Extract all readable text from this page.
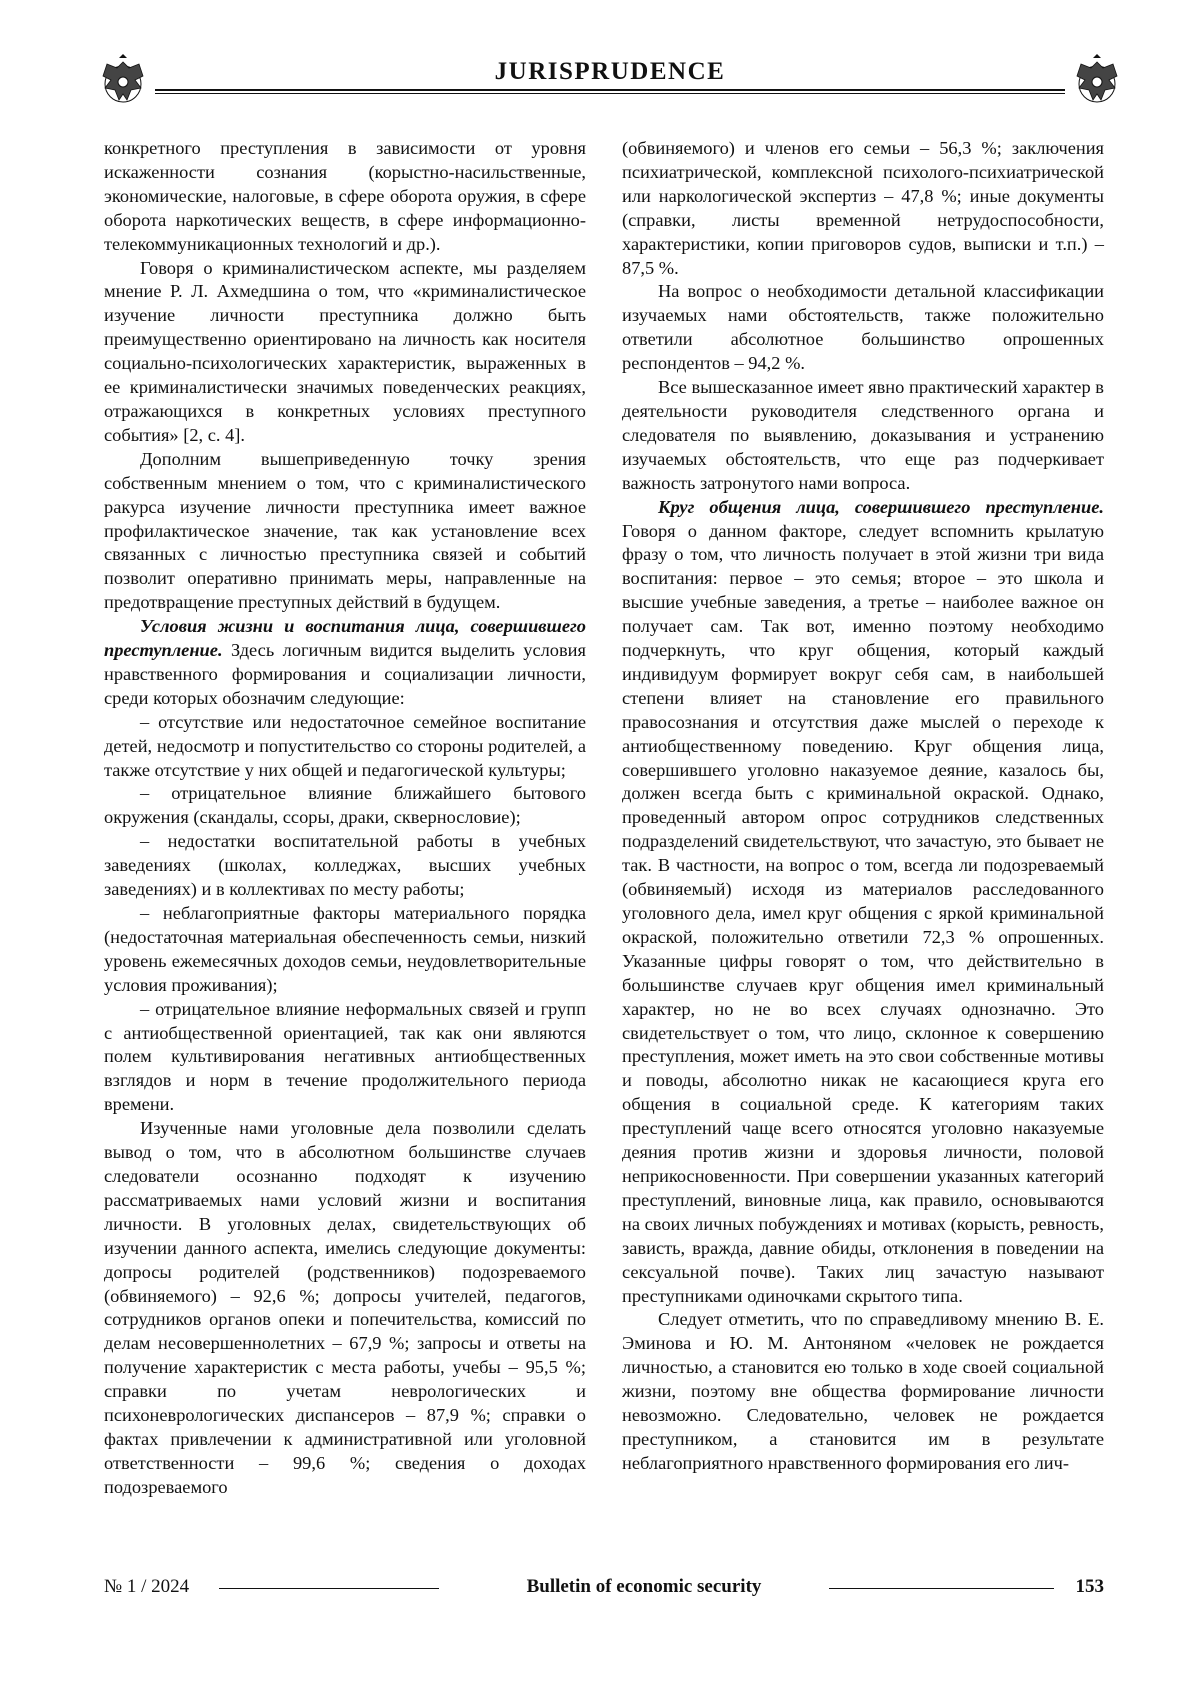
JURISPRUDENCE

конкретного преступления в зависимости от уровня искаженности сознания (корыстно-насильственные, экономические, налоговые, в сфере оборота оружия, в сфере оборота наркотических веществ, в сфере информационно-телекоммуникационных технологий и др.).

Говоря о криминалистическом аспекте, мы разделяем мнение Р. Л. Ахмедшина о том, что «криминалистическое изучение личности преступника должно быть преимущественно ориентировано на личность как носителя социально-психологических характеристик, выраженных в ее криминалистически значимых поведенческих реакциях, отражающихся в конкретных условиях преступного события» [2, с. 4].

Дополним вышеприведенную точку зрения собственным мнением о том, что с криминалистического ракурса изучение личности преступника имеет важное профилактическое значение, так как установление всех связанных с личностью преступника связей и событий позволит оперативно принимать меры, направленные на предотвращение преступных действий в будущем.

Условия жизни и воспитания лица, совершившего преступление. Здесь логичным видится выделить условия нравственного формирования и социализации личности, среди которых обозначим следующие:

– отсутствие или недостаточное семейное воспитание детей, недосмотр и попустительство со стороны родителей, а также отсутствие у них общей и педагогической культуры;

– отрицательное влияние ближайшего бытового окружения (скандалы, ссоры, драки, сквернословие);

– недостатки воспитательной работы в учебных заведениях (школах, колледжах, высших учебных заведениях) и в коллективах по месту работы;

– неблагоприятные факторы материального порядка (недостаточная материальная обеспеченность семьи, низкий уровень ежемесячных доходов семьи, неудовлетворительные условия проживания);

– отрицательное влияние неформальных связей и групп с антиобщественной ориентацией, так как они являются полем культивирования негативных антиобщественных взглядов и норм в течение продолжительного периода времени.

Изученные нами уголовные дела позволили сделать вывод о том, что в абсолютном большинстве случаев следователи осознанно подходят к изучению рассматриваемых нами условий жизни и воспитания личности. В уголовных делах, свидетельствующих об изучении данного аспекта, имелись следующие документы: допросы родителей (родственников) подозреваемого (обвиняемого) – 92,6 %; допросы учителей, педагогов, сотрудников органов опеки и попечительства, комиссий по делам несовершеннолетних – 67,9 %; запросы и ответы на получение характеристик с места работы, учебы – 95,5 %; справки по учетам неврологических и психоневрологических диспансеров – 87,9 %; справки о фактах привлечении к административной или уголовной ответственности – 99,6 %; сведения о доходах подозреваемого

(обвиняемого) и членов его семьи – 56,3 %; заключения психиатрической, комплексной психолого-психиатрической или наркологической экспертиз – 47,8 %; иные документы (справки, листы временной нетрудоспособности, характеристики, копии приговоров судов, выписки и т.п.) – 87,5 %.

На вопрос о необходимости детальной классификации изучаемых нами обстоятельств, также положительно ответили абсолютное большинство опрошенных респондентов – 94,2 %.

Все вышесказанное имеет явно практический характер в деятельности руководителя следственного органа и следователя по выявлению, доказывания и устранению изучаемых обстоятельств, что еще раз подчеркивает важность затронутого нами вопроса.

Круг общения лица, совершившего преступление. Говоря о данном факторе, следует вспомнить крылатую фразу о том, что личность получает в этой жизни три вида воспитания: первое – это семья; второе – это школа и высшие учебные заведения, а третье – наиболее важное он получает сам. Так вот, именно поэтому необходимо подчеркнуть, что круг общения, который каждый индивидуум формирует вокруг себя сам, в наибольшей степени влияет на становление его правильного правосознания и отсутствия даже мыслей о переходе к антиобщественному поведению. Круг общения лица, совершившего уголовно наказуемое деяние, казалось бы, должен всегда быть с криминальной окраской. Однако, проведенный автором опрос сотрудников следственных подразделений свидетельствуют, что зачастую, это бывает не так. В частности, на вопрос о том, всегда ли подозреваемый (обвиняемый) исходя из материалов расследованного уголовного дела, имел круг общения с яркой криминальной окраской, положительно ответили 72,3 % опрошенных. Указанные цифры говорят о том, что действительно в большинстве случаев круг общения имел криминальный характер, но не во всех случаях однозначно. Это свидетельствует о том, что лицо, склонное к совершению преступления, может иметь на это свои собственные мотивы и поводы, абсолютно никак не касающиеся круга его общения в социальной среде. К категориям таких преступлений чаще всего относятся уголовно наказуемые деяния против жизни и здоровья личности, половой неприкосновенности. При совершении указанных категорий преступлений, виновные лица, как правило, основываются на своих личных побуждениях и мотивах (корысть, ревность, зависть, вражда, давние обиды, отклонения в поведении на сексуальной почве). Таких лиц зачастую называют преступниками одиночками скрытого типа.

Следует отметить, что по справедливому мнению В. Е. Эминова и Ю. М. Антоняном «человек не рождается личностью, а становится ею только в ходе своей социальной жизни, поэтому вне общества формирование личности невозможно. Следовательно, человек не рождается преступником, а становится им в результате неблагоприятного нравственного формирования его лич-

№ 1 / 2024	Bulletin of economic security	153
